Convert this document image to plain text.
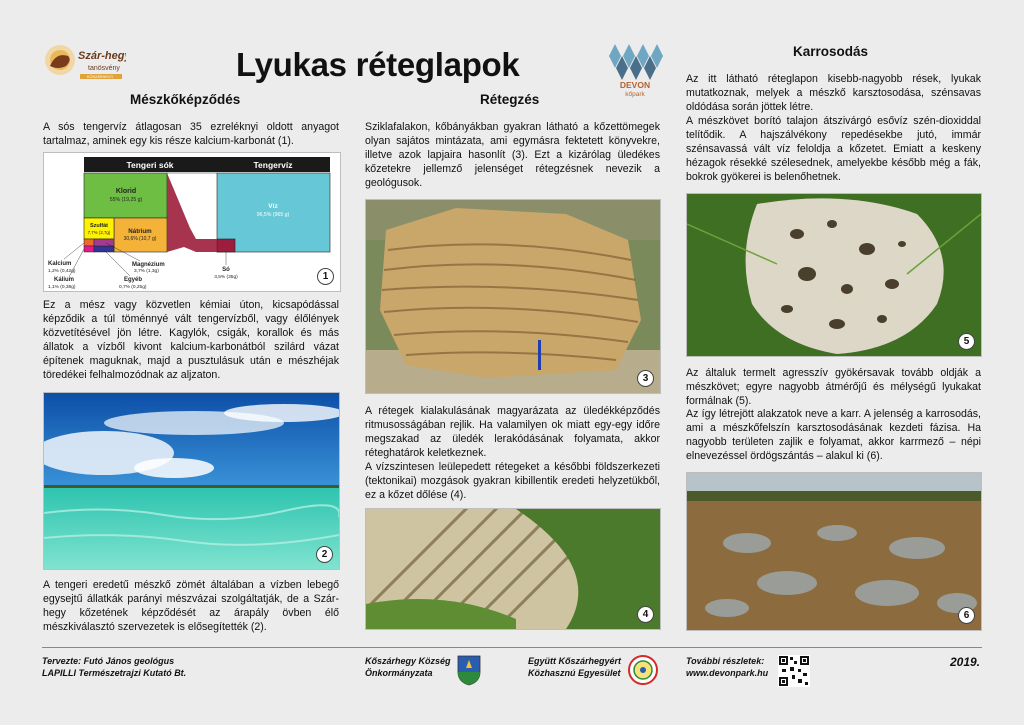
Szár-hegy
tanösvény
KŐSZÁRHEGY	Lyukas réteglapok
DEVON
kőpark
Mészkőképződés

A sós tengervíz átlagosan 35 ezreléknyi oldott anyagot tartalmaz, aminek egy kis része kalcium-karbonát (1).

Tengeri sók	Tengervíz
Klorid
55% (19,25 g)
Nátrium
30,6% (10,7 g)
Szulfát
7,7% (2,7g)
Víz
96,5% (965 g)
Kalcium
1,2% (0,42g)
Kálium
1,1% (0,38g)
Magnézium
3,7% (1,3g)
Egyéb
0,7% (0,25g)
Só
3,5% (35g)	1

Ez a mész vagy közvetlen kémiai úton, kicsapódással képződik a túl töménnyé vált tengervízből, vagy élőlények közvetítésével jön létre. Kagylók, csigák, korallok és más állatok a vízből kivont kalcium-karbonátból szilárd vázat építenek maguknak, majd a pusztulásuk után e mészhéjak töredékei felhalmozódnak az aljzaton.

2

A tengeri eredetű mészkő zömét általában a vízben lebegő egysejtű állatkák parányi mészvázai szolgáltatják, de a Szár-hegy kőzetének képződését az árapály övben élő mészkiválasztó szervezetek is elősegítették (2).

Rétegzés

Sziklafalakon, kőbányákban gyakran látható a kőzettömegek olyan sajátos mintázata, ami egymásra fektetett könyvekre, illetve azok lapjaira hasonlít (3). Ezt a kizárólag üledékes kőzetekre jellemző jelenséget rétegzésnek nevezik a geológusok.

3

A rétegek kialakulásának magyarázata az üledékképződés ritmusosságában rejlik. Ha valamilyen ok miatt egy-egy időre megszakad az üledék lerakódásának folyamata, akkor réteghatárok keletkeznek.

A vízszintesen leülepedett rétegeket a későbbi földszerkezeti (tektonikai) mozgások gyakran kibillentik eredeti helyzetükből, ez a kőzet dőlése (4).

4
Karrosodás

Az itt látható réteglapon kisebb-nagyobb rések, lyukak mutatkoznak, melyek a mészkő karsztosodása, szénsavas oldódása során jöttek létre.

A mészkövet borító talajon átszivárgó esővíz szén-dioxiddal telítődik. A hajszálvékony repedésekbe jutó, immár szénsavassá vált víz feloldja a kőzetet. Emiatt a keskeny hézagok résekké szélesednek, amelyekbe később még a fák, bokrok gyökerei is belenőhetnek.

5

Az általuk termelt agresszív gyökérsavak tovább oldják a mészkövet; egyre nagyobb átmérőjű és mélységű lyukakat formálnak (5).

Az így létrejött alakzatok neve a karr. A jelenség a karrosodás, ami a mészkőfelszín karsztosodásának kezdeti fázisa. Ha nagyobb területen zajlik e folyamat, akkor karrmező – népi elnevezéssel ördögszántás – alakul ki (6).

6
Tervezte: Futó János geológus
LAPILLI Természetrajzi Kutató Bt.
Kőszárhegy Község
Önkormányzata
Együtt Kőszárhegyért
Közhasznú Egyesület
További részletek:
www.devonpark.hu
2019.
